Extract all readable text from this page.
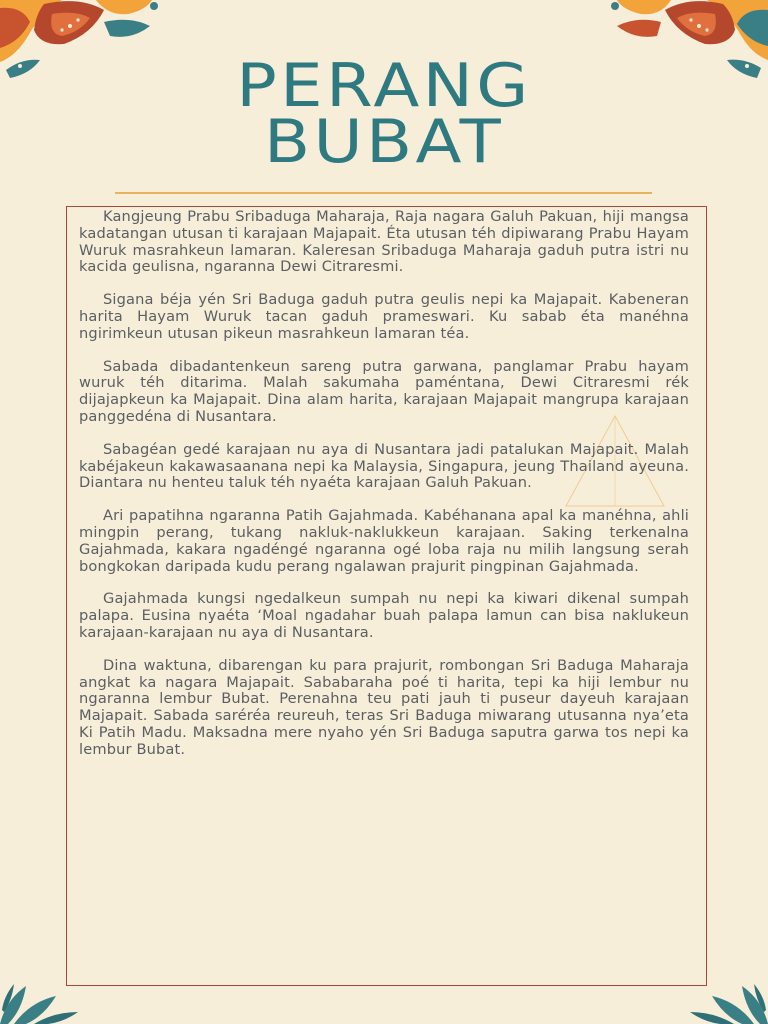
PERANG
BUBAT

Kangjeung Prabu Sribaduga Maharaja, Raja nagara Galuh Pakuan, hiji mangsa kadatangan utusan ti karajaan Majapait. Éta utusan téh dipiwarang Prabu Hayam Wuruk masrahkeun lamaran. Kaleresan Sribaduga Maharaja gaduh putra istri nu kacida geulisna, ngaranna Dewi Citraresmi.

Sigana béja yén Sri Baduga gaduh putra geulis nepi ka Majapait. Kabeneran harita Hayam Wuruk tacan gaduh prameswari. Ku sabab éta manéhna ngirimkeun utusan pikeun masrahkeun lamaran téa.

Sabada dibadantenkeun sareng putra garwana, panglamar Prabu hayam wuruk téh ditarima. Malah sakumaha paméntana, Dewi Citraresmi rék dijajapkeun ka Majapait. Dina alam harita, karajaan Majapait mangrupa karajaan panggedéna di Nusantara.

Sabagéan gedé karajaan nu aya di Nusantara jadi patalukan Majapait. Malah kabéjakeun kakawasaanana nepi ka Malaysia, Singapura, jeung Thailand ayeuna. Diantara nu henteu taluk téh nyaéta karajaan Galuh Pakuan.

Ari papatihna ngaranna Patih Gajahmada. Kabéhanana apal ka manéhna, ahli mingpin perang, tukang nakluk-naklukkeun karajaan. Saking terkenalna Gajahmada, kakara ngadéngé ngaranna ogé loba raja nu milih langsung serah bongkokan daripada kudu perang ngalawan prajurit pingpinan Gajahmada.

Gajahmada kungsi ngedalkeun sumpah nu nepi ka kiwari dikenal sumpah palapa. Eusina nyaéta ‘Moal ngadahar buah palapa lamun can bisa naklukeun karajaan-karajaan nu aya di Nusantara.

Dina waktuna, dibarengan ku para prajurit, rombongan Sri Baduga Maharaja angkat ka nagara Majapait. Sababaraha poé ti harita, tepi ka hiji lembur nu ngaranna lembur Bubat. Perenahna teu pati jauh ti puseur dayeuh karajaan Majapait. Sabada saréréa reureuh, teras Sri Baduga miwarang utusanna nya’eta Ki Patih Madu. Maksadna mere nyaho yén Sri Baduga saputra garwa tos nepi ka lembur Bubat.
